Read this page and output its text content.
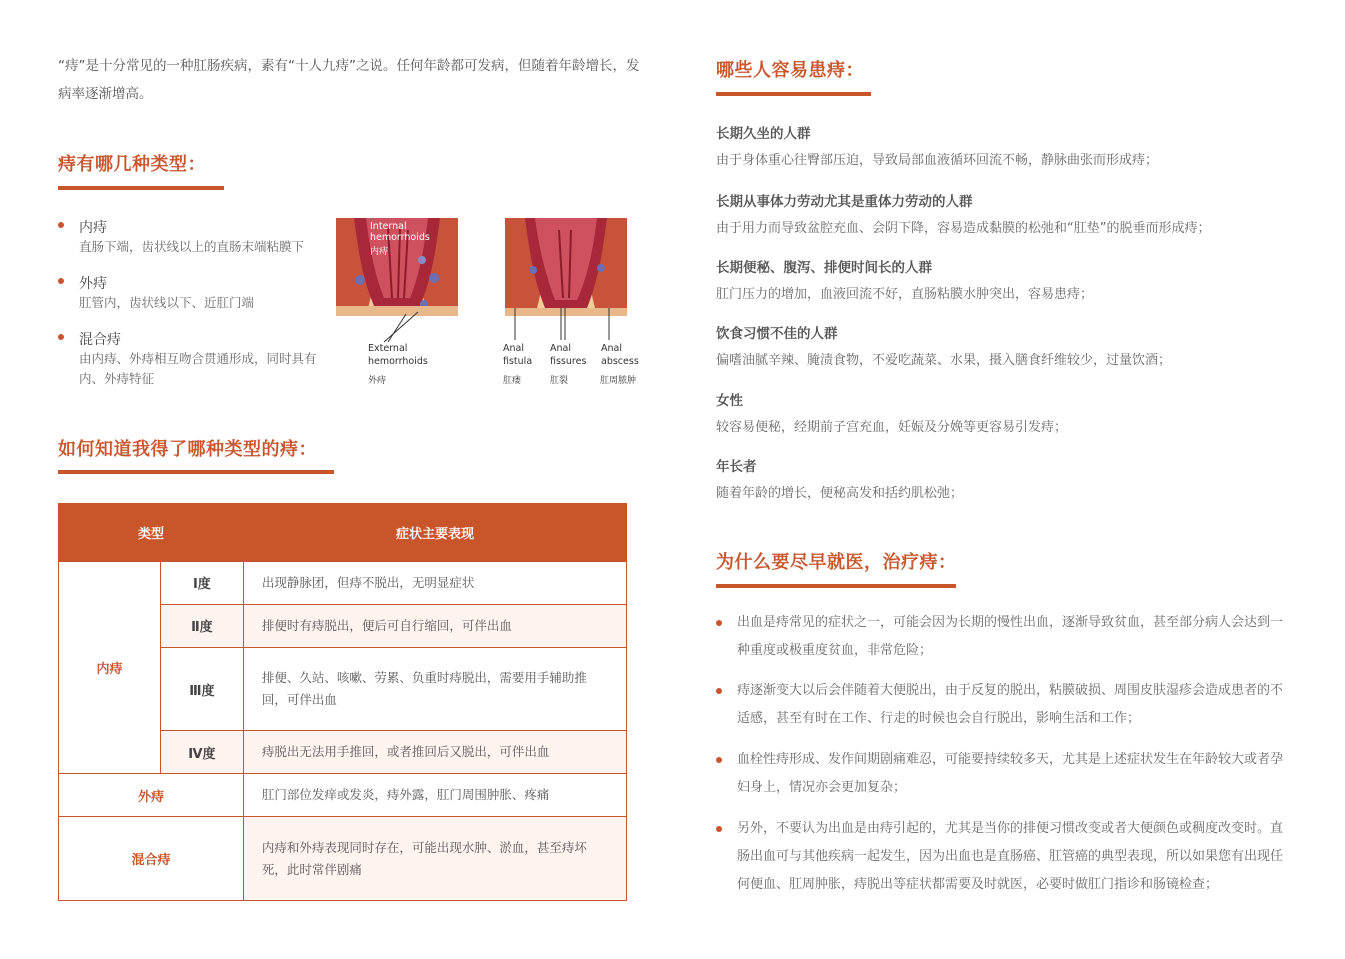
“痔”是十分常见的一种肛肠疾病，素有“十人九痔”之说。任何年龄都可发病，但随着年龄增长，发病率逐渐增高。
痔有哪几种类型：
内痔
直肠下端，齿状线以上的直肠末端粘膜下
外痔
肛管内，齿状线以下、近肛门端
混合痔
由内痔、外痔相互吻合贯通形成，同时具有内、外痔特征
Internal
hemorrhoids
内痔
External
hemorrhoids
外痔
Anal
fistula
肛瘘
Anal
fissures
肛裂
Anal
abscess
肛周脓肿
如何知道我得了哪种类型的痔：
类型		症状主要表现
内痔	Ⅰ度	出现静脉团，但痔不脱出，无明显症状
	Ⅱ度	排便时有痔脱出，便后可自行缩回，可伴出血
	Ⅲ度	排便、久站、咳嗽、劳累、负重时痔脱出，需要用手辅助推回，可伴出血
	Ⅳ度	痔脱出无法用手推回，或者推回后又脱出，可伴出血
外痔		肛门部位发痒或发炎，痔外露，肛门周围肿胀、疼痛
混合痔		内痔和外痔表现同时存在，可能出现水肿、淤血，甚至痔坏死，此时常伴剧痛
哪些人容易患痔：
长期久坐的人群
由于身体重心往臀部压迫，导致局部血液循环回流不畅，静脉曲张而形成痔；
长期从事体力劳动尤其是重体力劳动的人群
由于用力而导致盆腔充血、会阴下降，容易造成黏膜的松弛和“肛垫”的脱垂而形成痔；
长期便秘、腹泻、排便时间长的人群
肛门压力的增加，血液回流不好，直肠粘膜水肿突出，容易患痔；
饮食习惯不佳的人群
偏嗜油腻辛辣、腌渍食物，不爱吃蔬菜、水果，摄入膳食纤维较少，过量饮酒；
女性
较容易便秘，经期前子宫充血，妊娠及分娩等更容易引发痔；
年长者
随着年龄的增长，便秘高发和括约肌松弛；
为什么要尽早就医，治疗痔：
出血是痔常见的症状之一，可能会因为长期的慢性出血，逐渐导致贫血，甚至部分病人会达到一种重度或极重度贫血，非常危险；
痔逐渐变大以后会伴随着大便脱出，由于反复的脱出，粘膜破损、周围皮肤湿疹会造成患者的不适感，甚至有时在工作、行走的时候也会自行脱出，影响生活和工作；
血栓性痔形成、发作间期剧痛难忍，可能要持续较多天，尤其是上述症状发生在年龄较大或者孕妇身上，情况亦会更加复杂；
另外，不要认为出血是由痔引起的，尤其是当你的排便习惯改变或者大便颜色或稠度改变时。直肠出血可与其他疾病一起发生，因为出血也是直肠癌、肛管癌的典型表现，所以如果您有出现任何便血、肛周肿胀，痔脱出等症状都需要及时就医，必要时做肛门指诊和肠镜检查；
